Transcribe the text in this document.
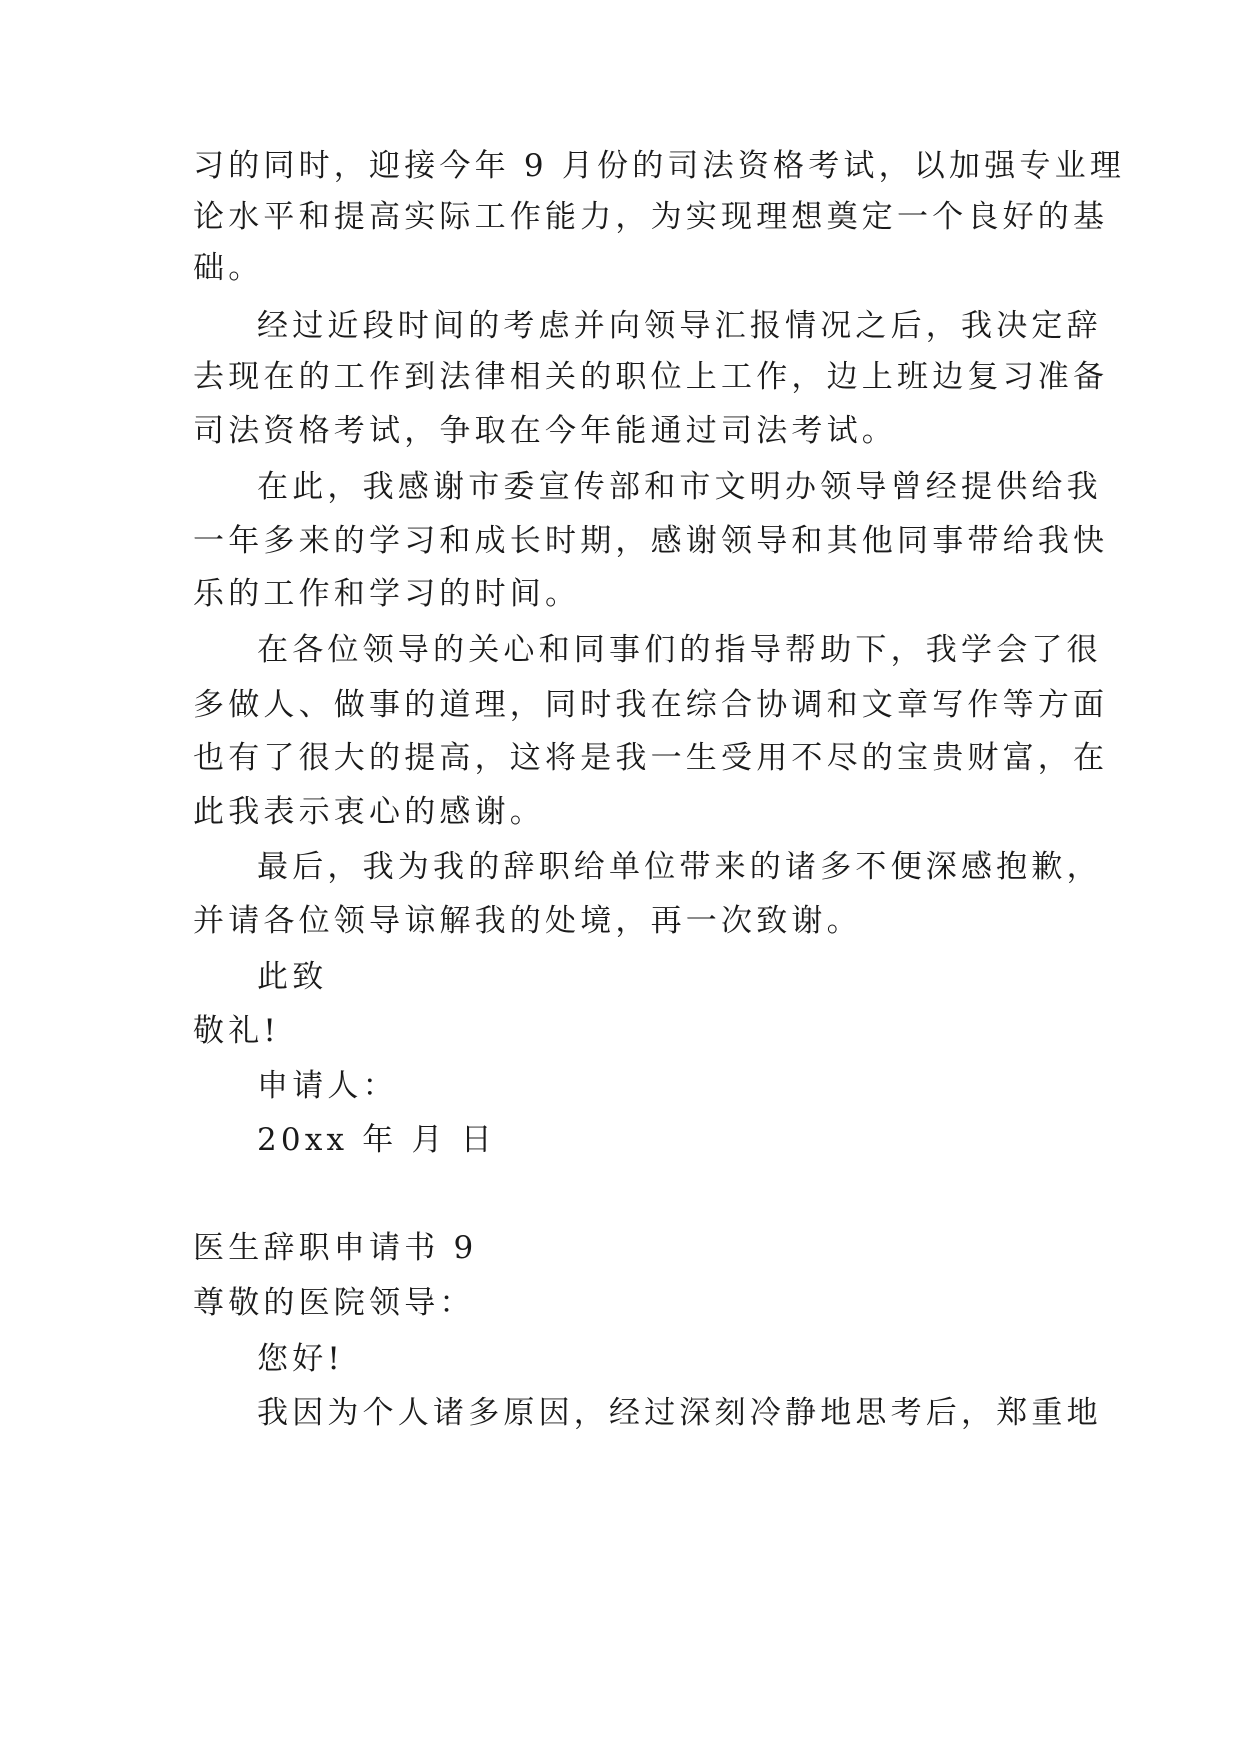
习的同时，迎接今年 9 月份的司法资格考试，以加强专业理

论水平和提高实际工作能力，为实现理想奠定一个良好的基

础。

经过近段时间的考虑并向领导汇报情况之后，我决定辞

去现在的工作到法律相关的职位上工作，边上班边复习准备

司法资格考试，争取在今年能通过司法考试。

在此，我感谢市委宣传部和市文明办领导曾经提供给我

一年多来的学习和成长时期，感谢领导和其他同事带给我快

乐的工作和学习的时间。

在各位领导的关心和同事们的指导帮助下，我学会了很

多做人、做事的道理，同时我在综合协调和文章写作等方面

也有了很大的提高，这将是我一生受用不尽的宝贵财富，在

此我表示衷心的感谢。

最后，我为我的辞职给单位带来的诸多不便深感抱歉，

并请各位领导谅解我的处境，再一次致谢。

此致

敬礼!

申请人：

20xx 年 月 日

医生辞职申请书 9

尊敬的医院领导：

您好!

我因为个人诸多原因，经过深刻冷静地思考后，郑重地
